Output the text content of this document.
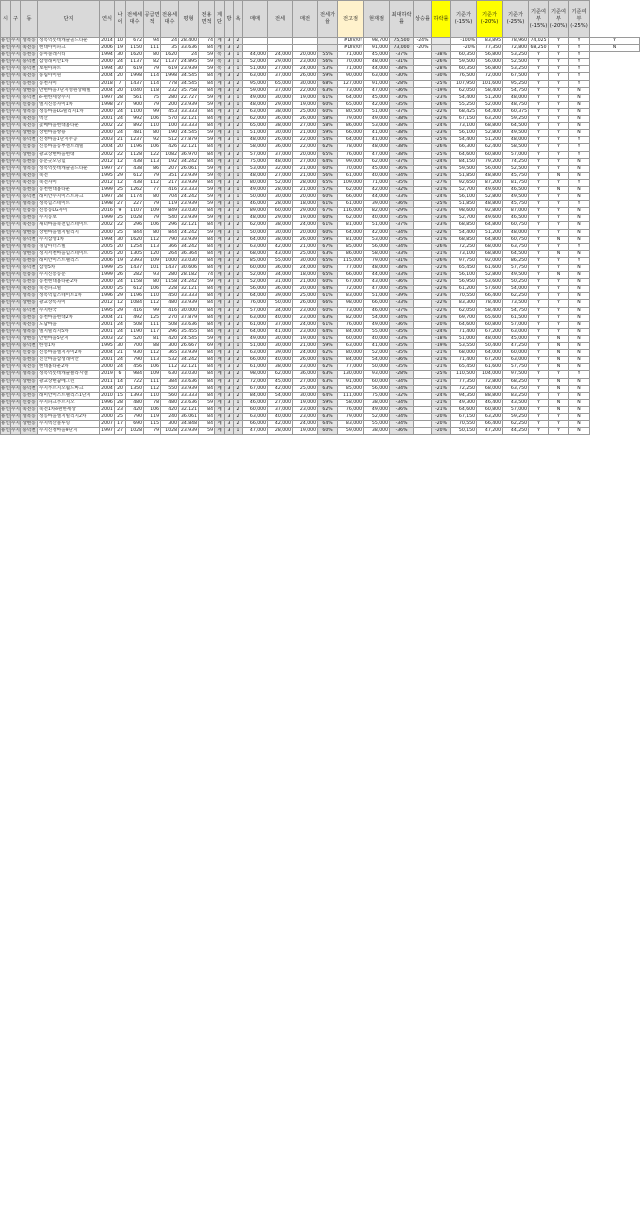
시	구	동	단지	연식	나이	전체세대수	공급면적	전용세대수	평형	전용면적	계단	방	욕	매매	전세	매전	전세가율	전고점	현재점	최대하락률	상승률	하락률	기준가(-15%)	기준가(-20%)	기준가(-25%)	기준여부(-15%)	기준여부(-20%)	기준여부(-25%)	
용인	수지	성복동	성복역롯데캐슬골드타운	2014	10	672	94	24	28.400	74	계	3	2					#DIV/0!	98,700	75,500	-24%		-100%	83,895	78,960	74,025	Y	Y	Y
용인	수지	죽전동	현대아이파크	2006	19	1150	111	35	33.636	84	계	3	2					#DIV/0!	91,000	73,000	-20%		-20%	77,350	72,800	68,250	Y	Y	N
용인	수지	동천동	동아솔레시티	1994	30	1620	80	1620	24	59	복	3	1	44,000	24,000	20,000	55%	71,000	45,000	-37%		-38%	60,350	56,800	53,250	Y	Y	Y	
용인	수지	풍덕천	삼성래미안1차	2000	24	1137	82	1137	24.895	59	복	3	1	52,000	29,000	23,000	56%	70,000	48,000	-31%		-26%	59,500	56,000	52,500	Y	Y	Y	
용인	수지	풍덕천	보원아파트	1994	30	619	79	619	23.939	59	복	3	1	51,000	27,000	24,000	53%	71,000	44,000	-38%		-28%	60,350	56,800	53,250	Y	Y	Y	
용인	수지	죽전동	풍림아이원	2004	20	1998	114	1998	34.545	84	계	3	2	63,000	37,000	26,000	59%	90,000	63,000	-30%		-30%	76,500	72,000	67,500	Y	Y	Y	
용인	수지	동천동	동천자이	2018	7	1437	114	778	34.545	84	계	3	2	95,000	65,000	30,000	68%	127,000	91,000	-28%		-25%	107,950	101,600	95,250	Y	Y	Y	
용인	수지	상현동	만현마을7단지성원상떼빌	2004	20	1040	118	232	35.758	84	계	3	2	59,000	37,000	22,000	63%	73,000	47,000	-36%		-19%	62,050	58,400	54,750	Y	Y	N	
용인	수지	풍덕천	e-편한세상수지	1997	28	561	75	280	22.727	59	계	3	1	49,000	30,000	19,000	61%	64,000	45,000	-30%		-23%	54,400	51,200	48,000	Y	Y	N	
용인	수지	신봉동	엘지신봉자이1차	1998	27	900	79	200	23.939	59	계	3	1	48,000	29,000	19,000	60%	65,000	42,000	-35%		-26%	55,250	52,000	48,750	Y	Y	N	
용인	수지	성복동	성동마을LG빌리지1차	2000	24	1100	99	453	33.333	84	계	3	2	63,000	38,000	25,000	60%	80,500	51,000	-37%		-22%	68,425	64,400	60,375	Y	Y	N	
용인	수지	죽전동	벽산	2001	24	992	106	570	32.121	84	계	3	2	62,000	36,000	26,000	58%	79,000	49,000	-38%		-22%	67,150	63,200	59,250	Y	Y	N	
용인	수지	죽전동	꽃메마을현대홈타운	2002	22	892	110	100	33.333	84	계	3	2	65,000	38,000	27,000	58%	86,000	53,000	-38%		-24%	73,100	68,800	64,500	Y	Y	N	
용인	수지	상현동	상현마을쌍용	2000	24	481	80	190	24.545	59	계	3	1	51,000	30,000	21,000	59%	66,000	41,000	-38%		-23%	56,100	52,800	49,500	Y	Y	N	
용인	수지	풍덕천	신정마을1단지주공	2003	21	1237	92	512	27.879	59	계	3	1	48,000	26,000	22,000	54%	64,000	41,000	-36%		-25%	54,400	51,200	48,000	Y	Y	Y	
용인	수지	신봉동	신봉마을동부센트레빌	2004	20	1196	106	426	32.121	84	계	3	2	58,000	36,000	22,000	62%	78,000	48,000	-38%		-26%	66,300	62,400	58,500	Y	Y	Y	
용인	수지	상현동	광교상현마을현대	2002	22	1128	122	1082	36.970	84	계	3	2	57,000	37,000	20,000	65%	76,000	47,000	-38%		-25%	64,600	60,800	57,000	Y	Y	Y	
용인	수지	동천동	동문굿모닝힐	2012	12	438	113	192	34.242	84	계	3	2	75,000	48,000	27,000	64%	99,000	62,000	-37%		-24%	84,150	79,200	74,250	Y	Y	N	
용인	수지	성복동	성복역롯데캐슬골드타운	1997	27	438	86	207	26.061	59	계	3	1	53,000	32,000	21,000	60%	70,000	45,000	-36%		-24%	59,500	56,000	52,500	Y	Y	N	
용인	수지	죽전동	죽전	1995	29	612	79	351	23.939	59	복	3	1	48,000	27,000	21,000	56%	61,000	40,000	-34%		-21%	51,850	48,800	45,750	Y	N	N	
용인	수지	죽전동	죽전자이	2012	12	438	112	217	33.939	84	계	3	2	80,000	52,000	28,000	65%	109,000	71,000	-35%		-27%	92,650	87,200	81,750	Y	Y	Y	
용인	수지	동천동	동천현대홈타운	1999	25	1262	77	416	23.333	59	계	3	1	49,000	28,000	21,000	57%	62,000	42,000	-32%		-21%	52,700	49,600	46,500	Y	N	N	
용인	수지	풍덕천	래미안수지이스트파크	1997	28	1174	80	704	24.242	59	계	3	1	50,000	30,000	20,000	60%	66,000	44,000	-33%		-24%	56,100	52,800	49,500	Y	Y	N	
용인	수지	성복동	성복힐스테이트	1998	27	227	79	119	23.939	59	계	3	1	46,000	28,000	18,000	61%	61,000	39,000	-36%		-25%	51,850	48,800	45,750	Y	Y	Y	
용인	수지	신봉동	신봉동LG자이	2016	9	1107	109	849	33.030	84	계	3	2	89,000	60,000	29,000	67%	116,000	82,000	-29%		-23%	98,600	92,800	87,000	Y	Y	N	
용인	수지	동천동	수지동보	1999	25	1028	79	540	23.939	59	계	3	1	48,000	29,000	19,000	60%	62,000	40,000	-35%		-23%	52,700	49,600	46,500	Y	Y	N	
용인	수지	죽전동	새터마을죽전힐스테이트	2002	22	296	106	296	32.121	84	계	3	2	62,000	38,000	24,000	61%	81,000	51,000	-37%		-23%	68,850	64,800	60,750	Y	Y	N	
용인	수지	상현동	상현마을엘지빌리지	2000	25	844	80	844	24.242	59	계	3	1	50,000	30,000	20,000	60%	64,000	42,000	-34%		-22%	54,400	51,200	48,000	Y	Y	N	
용인	수지	풍덕천	수지삼성1차	1994	30	1620	112	790	33.939	84	계	3	2	64,000	38,000	26,000	59%	81,000	53,000	-35%		-21%	68,850	64,800	60,750	Y	N	N	
용인	수지	성복동	경남아너스빌	2005	20	1254	113	366	34.242	84	계	3	2	63,000	42,000	21,000	67%	85,000	56,000	-34%		-26%	72,250	68,000	63,750	Y	Y	Y	
용인	수지	상현동	성지서천마을힐스테이트	2005	20	1305	120	264	36.364	84	계	3	2	68,000	43,000	25,000	63%	86,000	58,000	-33%		-21%	73,100	68,800	64,500	Y	N	N	
용인	수지	동천동	래미안이스트팰리스	2006	19	2393	109	1000	33.030	84	계	3	2	85,000	55,000	30,000	65%	115,000	79,000	-31%		-26%	97,750	92,000	86,250	Y	Y	Y	
용인	수지	풍덕천	삼성5차	1999	25	1437	101	1437	30.606	84	계	3	2	60,000	36,000	24,000	60%	77,000	48,000	-38%		-22%	65,450	61,600	57,750	Y	Y	N	
용인	수지	신봉동	수지신봉동문	1999	26	282	93	280	28.182	74	계	3	2	52,000	34,000	18,000	65%	66,000	44,000	-33%		-21%	56,100	52,800	49,500	Y	N	N	
용인	수지	동천동	동천현대홈타운2차	2000	24	1158	80	1158	24.242	59	계	3	1	52,000	31,000	21,000	60%	67,000	43,000	-36%		-22%	56,950	53,600	50,250	Y	Y	N	
용인	수지	죽전동	죽전파크빌	2000	25	612	106	228	32.121	84	계	3	2	56,000	36,000	20,000	64%	72,000	47,000	-35%		-22%	61,200	57,600	54,000	Y	Y	N	
용인	수지	성복동	성복역힐스테이트1차	1996	29	1196	110	450	33.333	84	계	3	2	64,000	39,000	25,000	61%	83,000	51,000	-39%		-23%	70,550	66,400	62,250	Y	Y	N	
용인	수지	상현동	광교상록자이	2012	12	1084	112	480	33.939	84	계	3	2	76,000	50,000	26,000	66%	98,000	66,000	-33%		-22%	83,300	78,400	73,500	Y	Y	N	
용인	수지	풍덕천	수지한국	1995	29	416	99	416	30.000	84	계	3	2	57,000	34,000	23,000	60%	73,000	46,000	-37%		-22%	62,050	58,400	54,750	Y	Y	N	
용인	수지	동천동	동천마을현대2차	2004	21	492	125	270	37.879	84	계	3	2	63,000	40,000	23,000	63%	82,000	54,000	-34%		-23%	69,700	65,600	61,500	Y	Y	N	
용인	수지	죽전동	도담마을	2001	24	508	111	508	33.636	84	계	3	2	61,000	37,000	24,000	61%	76,000	49,000	-36%		-20%	64,600	60,800	57,000	Y	Y	N	
용인	수지	성복동	엘지빌리지5차	2001	24	1190	117	296	35.455	84	계	3	2	64,000	41,000	23,000	64%	84,000	55,000	-35%		-24%	71,400	67,200	63,000	Y	Y	N	
용인	수지	상현동	만현마을5단지	2003	22	520	81	420	24.545	59	계	3	1	49,000	30,000	19,000	61%	60,000	40,000	-33%		-18%	51,000	48,000	45,000	Y	N	N	
용인	수지	풍덕천	한성1차	1995	30	700	88	300	26.667	69	계	3	1	51,000	30,000	21,000	59%	63,000	41,000	-35%		-19%	53,550	50,400	47,250	Y	N	N	
용인	수지	신봉동	신봉마을엘지자이2차	2004	21	930	112	365	33.939	84	계	3	2	63,000	39,000	24,000	62%	80,000	52,000	-35%		-21%	68,000	64,000	60,000	Y	N	N	
용인	수지	동천동	진산마을삼성래미안	2001	24	790	113	532	34.242	84	계	3	2	66,000	40,000	26,000	61%	84,000	54,000	-36%		-21%	71,400	67,200	63,000	Y	N	N	
용인	수지	죽전동	현대홈타운2차	2000	24	456	106	112	32.121	84	계	3	2	61,000	38,000	23,000	62%	77,000	50,000	-35%		-21%	65,450	61,600	57,750	Y	N	N	
용인	수지	성복동	성복역롯데캐슬클라시엘	2019	6	984	109	630	33.030	84	계	3	2	98,000	62,000	36,000	63%	130,000	93,000	-28%		-25%	110,500	104,000	97,500	Y	Y	Y	
용인	수지	상현동	광교상현꿈에그린	2011	14	722	111	384	33.636	84	계	3	2	72,000	45,000	27,000	63%	91,000	60,000	-34%		-21%	77,350	72,800	68,250	Y	N	N	
용인	수지	풍덕천	수지푸르지오월드마크	2004	20	1350	112	550	33.939	84	계	3	2	67,000	42,000	25,000	63%	85,000	56,000	-34%		-21%	72,250	68,000	63,750	Y	N	N	
용인	수지	동천동	래미안이스트팰리스1단지	2010	15	1393	110	560	33.333	84	계	3	2	84,000	54,000	30,000	64%	111,000	75,000	-32%		-24%	94,350	88,800	83,250	Y	Y	N	
용인	수지	신봉동	수지파크푸르지오	1996	28	480	78	480	23.636	59	계	3	1	46,000	27,000	19,000	59%	58,000	38,000	-34%		-21%	49,300	46,400	43,500	Y	N	N	
용인	수지	죽전동	죽전1차e편한세상	2001	23	420	106	420	32.121	84	계	3	2	60,000	37,000	23,000	62%	76,000	49,000	-36%		-21%	64,600	60,800	57,000	Y	N	N	
용인	수지	성복동	성동마을엘지빌리지2차	2000	25	790	119	240	36.061	84	계	3	2	63,000	40,000	23,000	63%	79,000	52,000	-34%		-20%	67,150	63,200	59,250	Y	Y	N	
용인	수지	상현동	수지벽산블루밍	2007	17	690	115	300	34.848	84	계	3	2	66,000	42,000	24,000	64%	83,000	55,000	-34%		-20%	70,550	66,400	62,250	Y	Y	N	
용인	수지	풍덕천	수지신정마을9단지	1997	27	1028	79	1028	23.939	59	계	3	1	47,000	28,000	19,000	60%	59,000	38,000	-36%		-20%	50,150	47,200	44,250	Y	Y	N	
